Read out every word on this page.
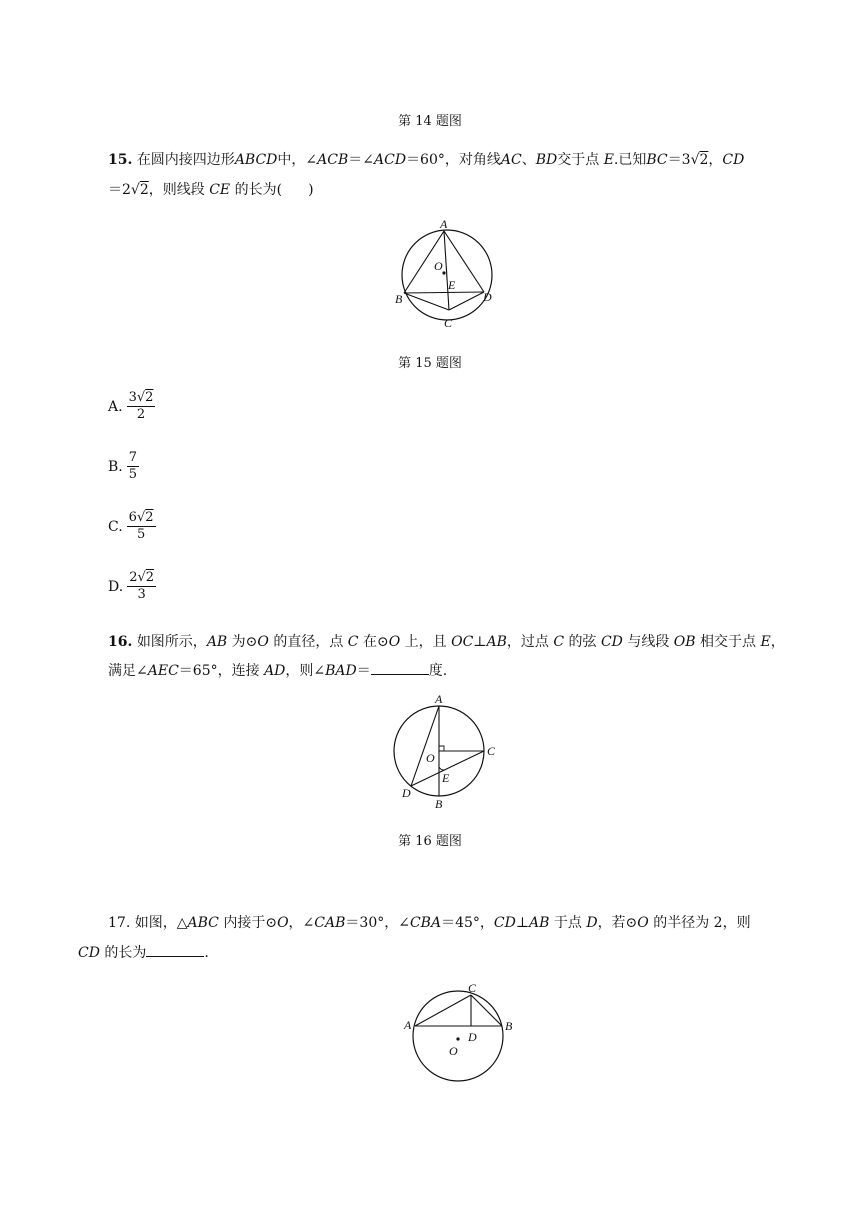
第 14 题图
15. 在圆内接四边形ABCD中，∠ACB＝∠ACD＝60°，对角线AC、BD交于点 E.已知BC＝3√2，CD
＝2√2，则线段 CE 的长为( )
A
O
E
B	D
C
第 15 题图
A. $\frac{3√2}{2}$
B. $\frac{7}{5}$
C. $\frac{6√2}{5}$
D. $\frac{2√2}{3}$
16. 如图所示，AB 为⊙O 的直径，点 C 在⊙O 上，且 OC⊥AB，过点 C 的弦 CD 与线段 OB 相交于点 E，
满足∠AEC＝65°，连接 AD，则∠BAD＝	度.
A
O	C
E
D
B
第 16 题图
17. 如图，△ABC 内接于⊙O，∠CAB＝30°，∠CBA＝45°，CD⊥AB 于点 D，若⊙O 的半径为 2，则
CD 的长为	.
C
A	B
D
O
